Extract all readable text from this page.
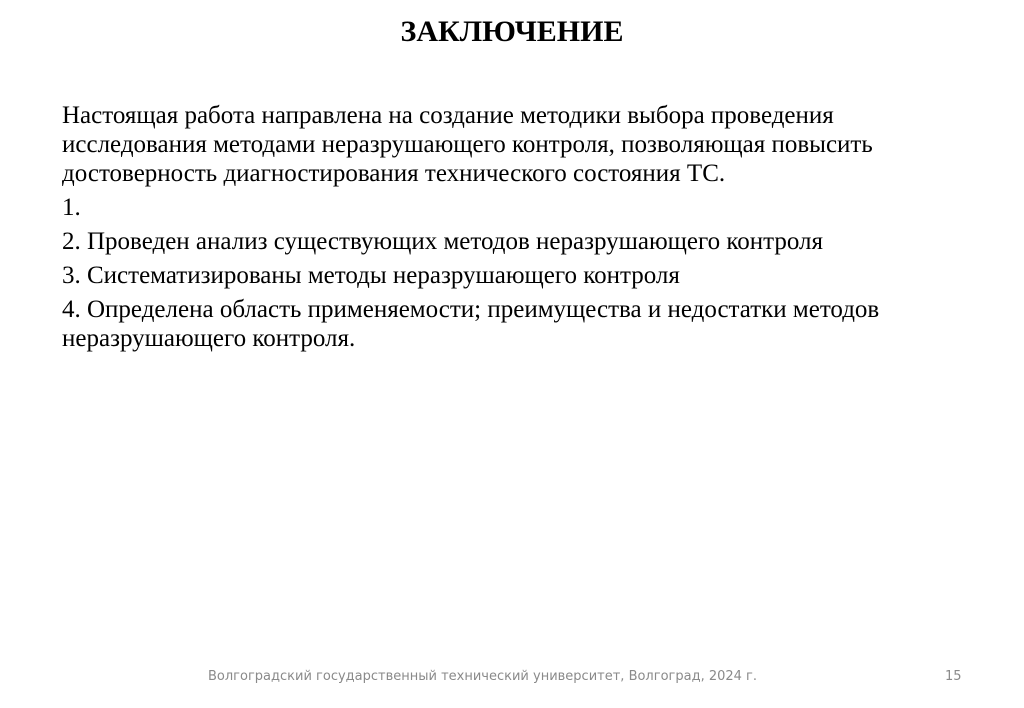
ЗАКЛЮЧЕНИЕ

Настоящая работа направлена на создание методики выбора проведения исследования методами неразрушающего контроля, позволяющая повысить достоверность диагностирования технического состояния ТС.

1.

2. Проведен анализ существующих методов неразрушающего контроля

3. Систематизированы методы неразрушающего контроля

4. Определена область применяемости; преимущества и недостатки методов неразрушающего контроля.

Волгоградский государственный технический университет, Волгоград, 2024 г.	15
